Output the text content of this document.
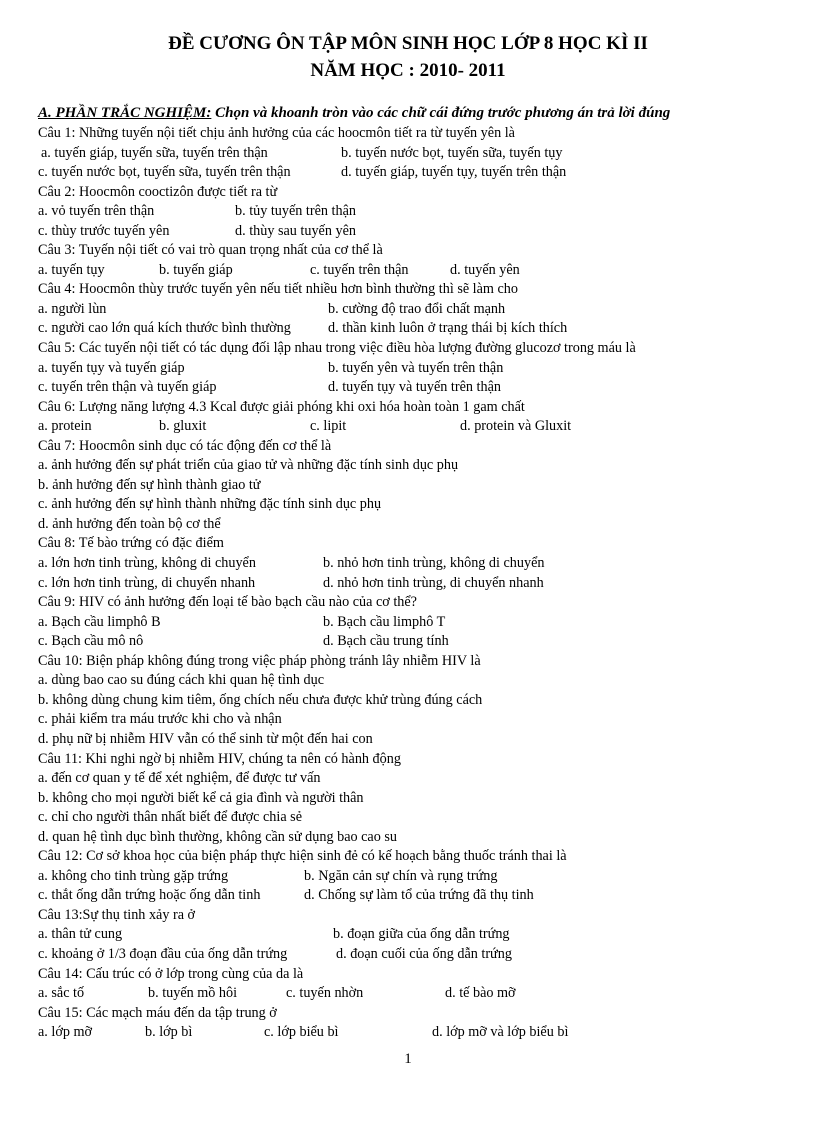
ĐỀ CƯƠNG ÔN TẬP MÔN SINH HỌC LỚP 8 HỌC KÌ II
NĂM HỌC : 2010- 2011
A. PHẦN TRẮC NGHIỆM: Chọn và khoanh tròn vào các chữ cái đứng trước phương án trả lời đúng
Câu 1: Những tuyến nội tiết chịu ảnh hưởng của các hoocmôn tiết ra từ tuyến yên là
a. tuyến giáp, tuyến sữa, tuyến trên thận	b. tuyến nước bọt, tuyến sữa, tuyến tụy
c. tuyến nước bọt, tuyến sữa, tuyến trên thận	d. tuyến giáp, tuyến tụy, tuyến trên thận
Câu 2: Hoocmôn cooctizôn được tiết ra từ
a. vỏ tuyến trên thận	b. tủy tuyến trên thận
c. thùy trước tuyến yên	d. thùy sau tuyến yên
Câu 3: Tuyến nội tiết có vai trò quan trọng nhất của cơ thể là
a. tuyến tụy	b. tuyến giáp	c. tuyến trên thận	d. tuyến yên
Câu 4: Hoocmôn thùy trước tuyến yên nếu tiết nhiều hơn bình thường thì sẽ làm cho
a. người lùn	b. cường độ trao đổi chất mạnh
c. người cao lớn quá kích thước bình thường	d. thần kinh luôn ở trạng thái bị kích thích
Câu 5: Các tuyến nội tiết có tác dụng đối lập nhau trong việc điều hòa lượng đường glucozơ trong máu là
a. tuyến tụy và tuyến giáp	b. tuyến yên và tuyến trên thận
c. tuyến trên thận và tuyến giáp	d. tuyến tụy và tuyến trên thận
Câu 6: Lượng năng lượng 4.3 Kcal được giải phóng khi oxi hóa hoàn toàn 1 gam chất
a. protein	b. gluxit	c. lipit	d. protein và Gluxit
Câu 7: Hoocmôn sinh dục có tác động đến cơ thể là
a. ảnh hưởng đến sự phát triển của giao tử và những đặc tính sinh dục phụ
b. ảnh hưởng đến sự hình thành giao tử
c. ảnh hưởng đến sự hình thành những đặc tính sinh dục phụ
d. ảnh hưởng đến toàn bộ cơ thể
Câu 8: Tế bào trứng có đặc điểm
a. lớn hơn tinh trùng, không di chuyển	b. nhỏ hơn tinh trùng, không di chuyển
c. lớn hơn tinh trùng, di chuyển nhanh	d. nhỏ hơn tinh trùng, di chuyển nhanh
Câu 9: HIV có ảnh hưởng đến loại tế bào bạch cầu nào của cơ thể?
a. Bạch cầu limphô B	b. Bạch cầu limphô T
c. Bạch cầu mô nô	d. Bạch cầu trung tính
Câu 10: Biện pháp không đúng trong việc pháp phòng tránh lây nhiễm HIV là
a. dùng bao cao su đúng cách khi quan hệ tình dục
b. không dùng chung kim tiêm, ống chích nếu chưa được khử trùng đúng cách
c. phải kiểm tra máu trước khi cho và nhận
d. phụ nữ bị nhiễm HIV vẫn có thể sinh từ một đến hai con
Câu 11: Khi nghi ngờ bị nhiễm HIV, chúng ta nên có hành động
a. đến cơ quan y tế để xét nghiệm, để được tư vấn
b. không cho mọi người biết kể cả gia đình và người thân
c. chỉ cho người thân nhất biết để được chia sẻ
d. quan hệ tình dục bình thường, không cần sử dụng bao cao su
Câu 12: Cơ sở khoa học của biện pháp thực hiện sinh đẻ có kế hoạch bằng thuốc tránh thai là
a. không cho tinh trùng gặp trứng	b. Ngăn cản sự chín và rụng trứng
c. thắt ống dẫn trứng hoặc ống dẫn tinh	d. Chống sự làm tổ của trứng đã thụ tinh
Câu 13:Sự thụ tinh xảy ra ở
a. thân tử cung	b. đoạn giữa của ống dẫn trứng
c. khoảng ở 1/3 đoạn đầu của ống dẫn trứng	d. đoạn cuối của ống dẫn trứng
Câu 14: Cấu trúc có ở lớp trong cùng của da là
a. sắc tố	b. tuyến mồ hôi	c. tuyến nhờn	d. tế bào mỡ
Câu 15: Các mạch máu đến da tập trung ở
a. lớp mỡ	b. lớp bì	c. lớp biểu bì	d. lớp mỡ và lớp biểu bì
1
